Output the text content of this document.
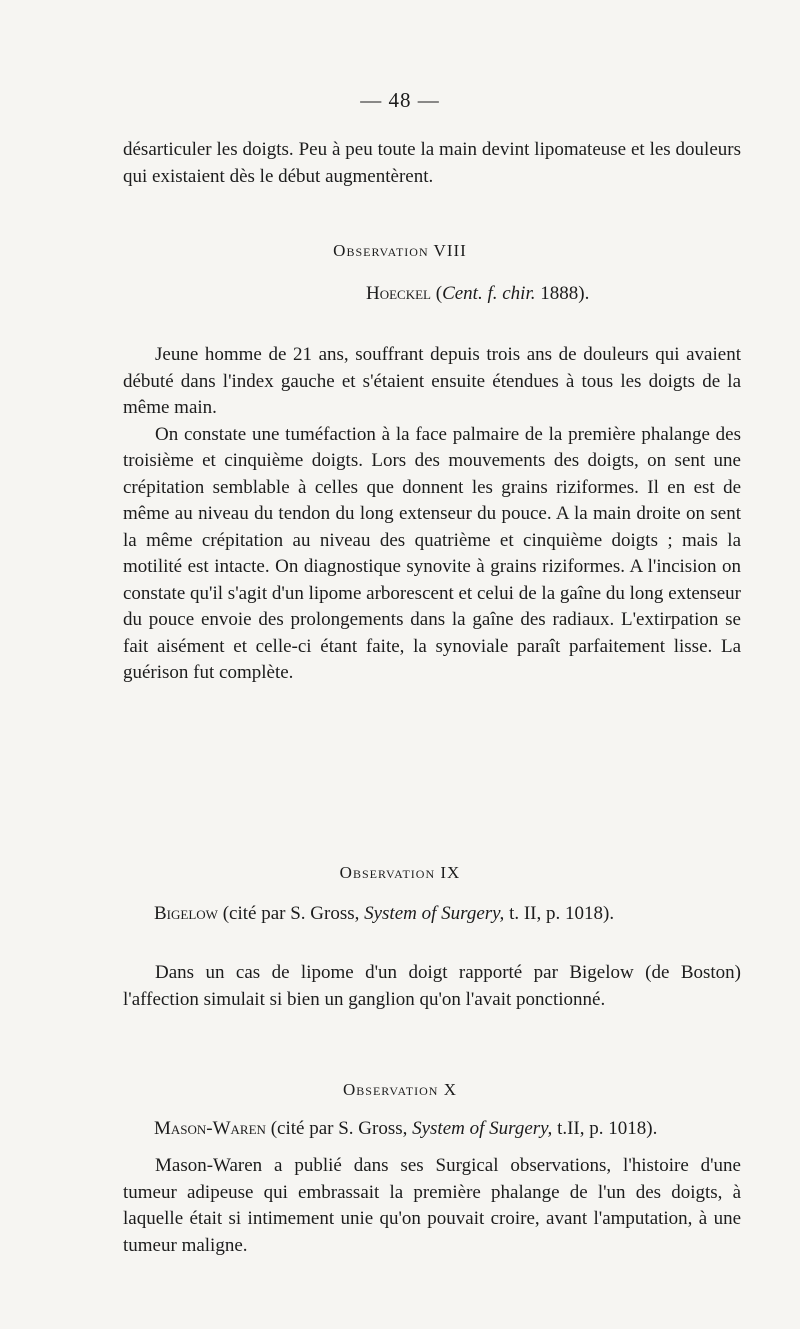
— 48 —

désarticuler les doigts. Peu à peu toute la main devint lipomateuse et les douleurs qui existaient dès le début augmentèrent.

Observation VIII
Hoeckel (Cent. f. chir. 1888).

Jeune homme de 21 ans, souffrant depuis trois ans de douleurs qui avaient débuté dans l'index gauche et s'étaient ensuite étendues à tous les doigts de la même main.

On constate une tuméfaction à la face palmaire de la première phalange des troisième et cinquième doigts. Lors des mouvements des doigts, on sent une crépitation semblable à celles que donnent les grains riziformes. Il en est de même au niveau du tendon du long extenseur du pouce. A la main droite on sent la même crépitation au niveau des quatrième et cinquième doigts ; mais la motilité est intacte. On diagnostique synovite à grains riziformes. A l'incision on constate qu'il s'agit d'un lipome arborescent et celui de la gaîne du long extenseur du pouce envoie des prolongements dans la gaîne des radiaux. L'extirpation se fait aisément et celle-ci étant faite, la synoviale paraît parfaitement lisse. La guérison fut complète.

Observation IX
Bigelow (cité par S. Gross, System of Surgery, t. II, p. 1018).

Dans un cas de lipome d'un doigt rapporté par Bigelow (de Boston) l'affection simulait si bien un ganglion qu'on l'avait ponctionné.

Observation X
Mason-Waren (cité par S. Gross, System of Surgery, t.II, p. 1018).

Mason-Waren a publié dans ses Surgical observations, l'histoire d'une tumeur adipeuse qui embrassait la première phalange de l'un des doigts, à laquelle était si intimement unie qu'on pouvait croire, avant l'amputation, à une tumeur maligne.
